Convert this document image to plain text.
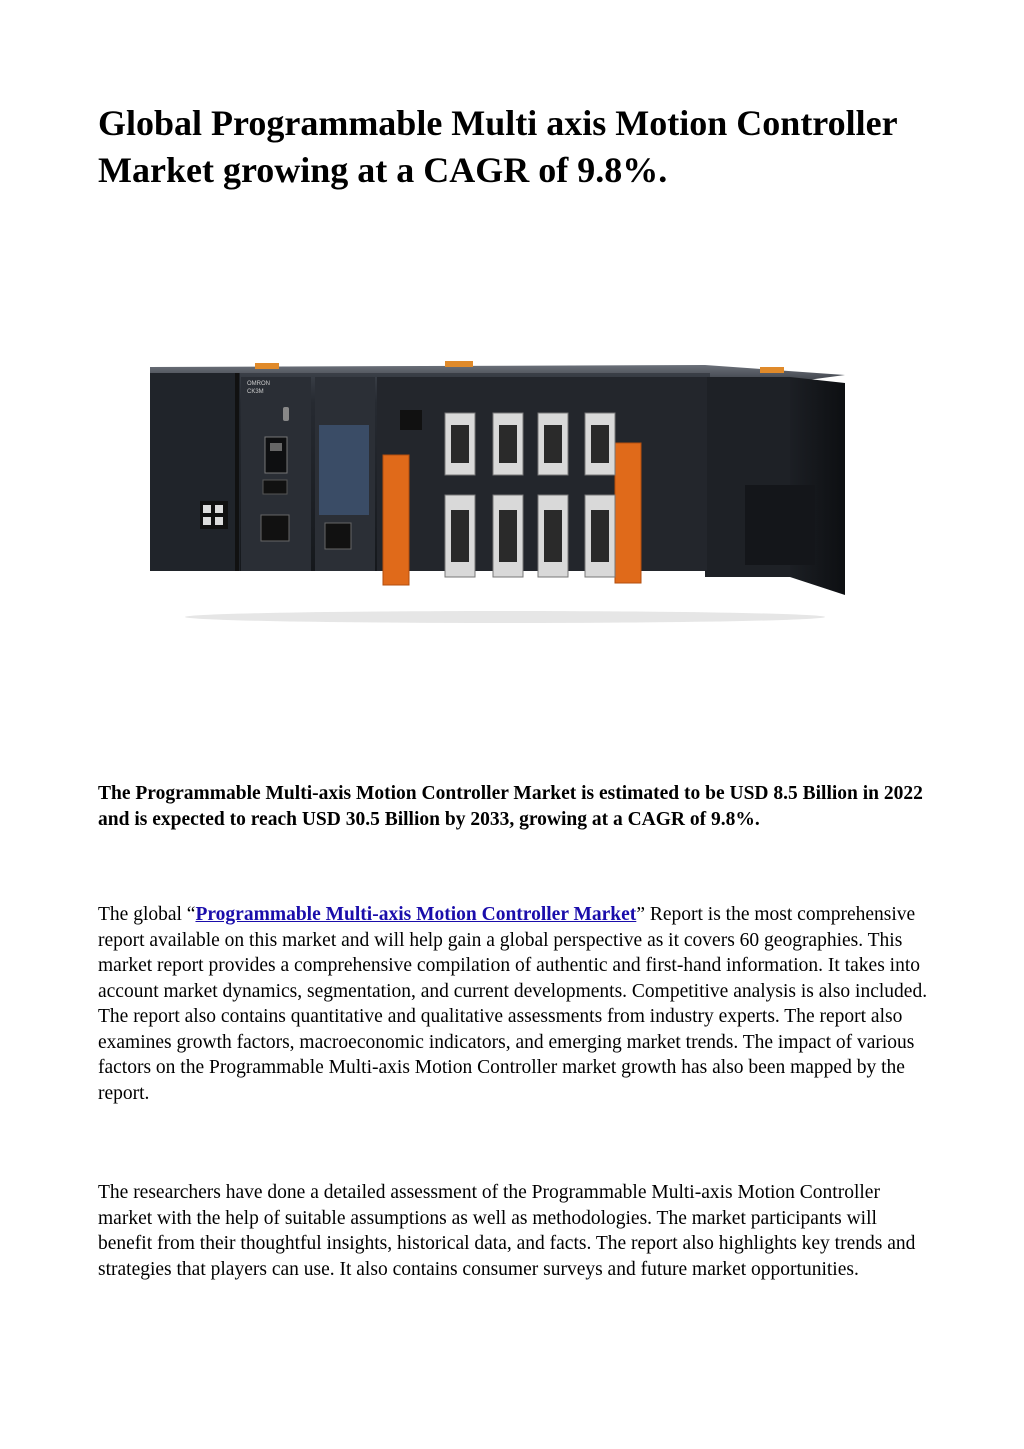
Global Programmable Multi axis Motion Controller Market growing at a CAGR of 9.8%.
OMRON
CK3M

The Programmable Multi-axis Motion Controller Market is estimated to be USD 8.5 Billion in 2022 and is expected to reach USD 30.5 Billion by 2033, growing at a CAGR of 9.8%.

The global “Programmable Multi-axis Motion Controller Market” Report is the most comprehensive report available on this market and will help gain a global perspective as it covers 60 geographies. This market report provides a comprehensive compilation of authentic and first-hand information. It takes into account market dynamics, segmentation, and current developments. Competitive analysis is also included. The report also contains quantitative and qualitative assessments from industry experts. The report also examines growth factors, macroeconomic indicators, and emerging market trends. The impact of various factors on the Programmable Multi-axis Motion Controller market growth has also been mapped by the report.

The researchers have done a detailed assessment of the Programmable Multi-axis Motion Controller market with the help of suitable assumptions as well as methodologies. The market participants will benefit from their thoughtful insights, historical data, and facts. The report also highlights key trends and strategies that players can use. It also contains consumer surveys and future market opportunities.
